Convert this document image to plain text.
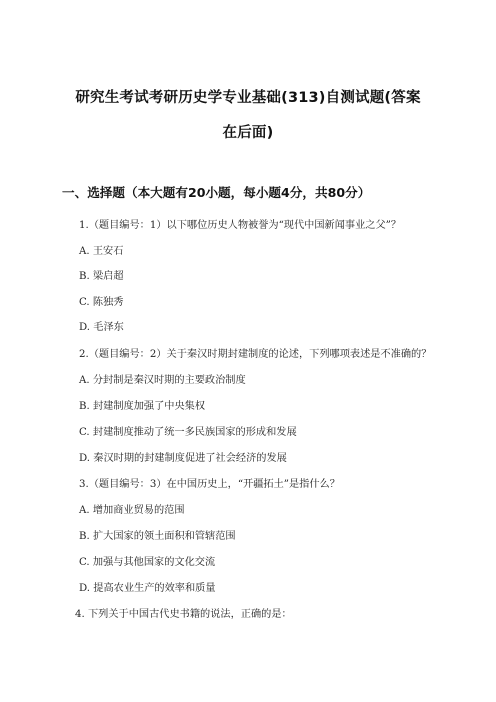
研究生考试考研历史学专业基础(313)自测试题(答案
在后面)
一、选择题（本大题有20小题，每小题4分，共80分）
1.（题目编号：1）以下哪位历史人物被誉为“现代中国新闻事业之父”？
A. 王安石
B. 梁启超
C. 陈独秀
D. 毛泽东
2.（题目编号：2）关于秦汉时期封建制度的论述，下列哪项表述是不准确的？
A. 分封制是秦汉时期的主要政治制度
B. 封建制度加强了中央集权
C. 封建制度推动了统一多民族国家的形成和发展
D. 秦汉时期的封建制度促进了社会经济的发展
3.（题目编号：3）在中国历史上，“开疆拓土”是指什么？
A. 增加商业贸易的范围
B. 扩大国家的领土面积和管辖范围
C. 加强与其他国家的文化交流
D. 提高农业生产的效率和质量
4. 下列关于中国古代史书籍的说法，正确的是：
